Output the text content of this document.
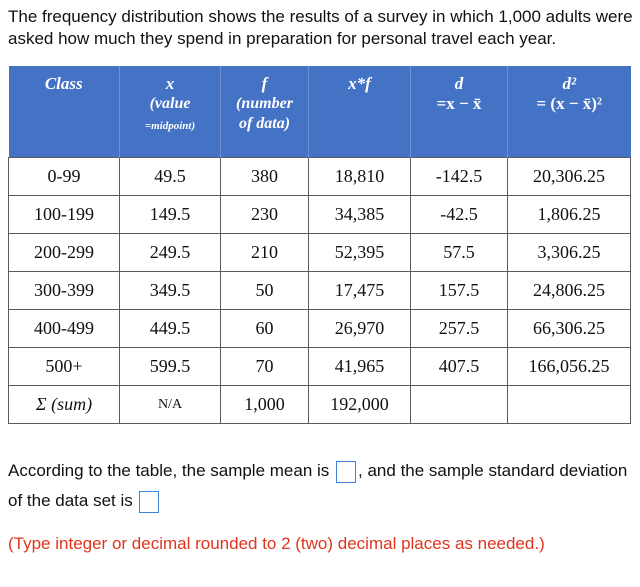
The frequency distribution shows the results of a survey in which 1,000 adults were asked how much they spend in preparation for personal travel each year.
Class	x
(value
=midpoint)	f
(number
of data)	x*f	d
=x − x̄	d²
= (x − x̄)²

0-99	49.5	380	18,810	-142.5	20,306.25
100-199	149.5	230	34,385	-42.5	1,806.25
200-299	249.5	210	52,395	57.5	3,306.25
300-399	349.5	50	17,475	157.5	24,806.25
400-499	449.5	60	26,970	257.5	66,306.25
500+	599.5	70	41,965	407.5	166,056.25
Σ (sum)	N/A	1,000	192,000		
According to the table, the sample mean is , and the sample standard deviation of the data set is
(Type integer or decimal rounded to 2 (two) decimal places as needed.)
